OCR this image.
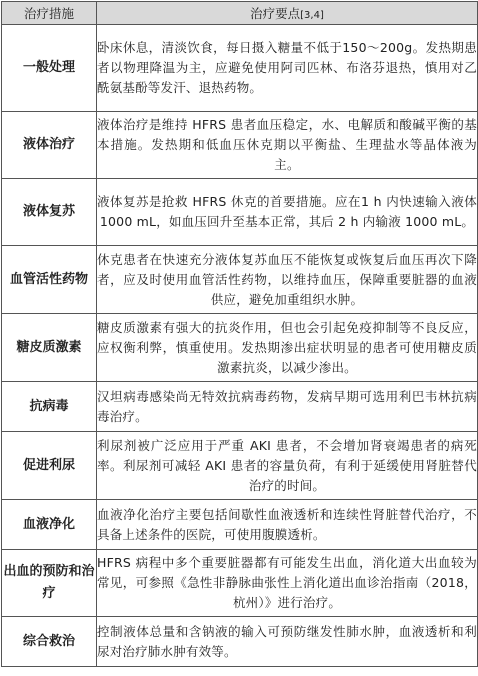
治疗措施	治疗要点[3,4]
一般处理	卧床休息，清淡饮食，每日摄入糖量不低于150～200g。发热期患者以物理降温为主，应避免使用阿司匹林、布洛芬退热，慎用对乙酰氨基酚等发汗、退热药物。
液体治疗	液体治疗是维持 HFRS 患者血压稳定，水、电解质和酸碱平衡的基本措施。发热期和低血压休克期以平衡盐、生理盐水等晶体液为主。
液体复苏	液体复苏是抢救 HFRS 休克的首要措施。应在1 h 内快速输入液体 1000 mL，如血压回升至基本正常，其后 2 h 内输液 1000 mL。
血管活性药物	休克患者在快速充分液体复苏血压不能恢复或恢复后血压再次下降者，应及时使用血管活性药物，以维持血压，保障重要脏器的血液供应，避免加重组织水肿。
糖皮质激素	糖皮质激素有强大的抗炎作用，但也会引起免疫抑制等不良反应，应权衡利弊，慎重使用。发热期渗出症状明显的患者可使用糖皮质激素抗炎，以减少渗出。
抗病毒	汉坦病毒感染尚无特效抗病毒药物，发病早期可选用利巴韦林抗病毒治疗。
促进利尿	利尿剂被广泛应用于严重 AKI 患者，不会增加肾衰竭患者的病死率。利尿剂可减轻 AKI 患者的容量负荷，有利于延缓使用肾脏替代治疗的时间。
血液净化	血液净化治疗主要包括间歇性血液透析和连续性肾脏替代治疗，不具备上述条件的医院，可使用腹膜透析。
出血的预防和治疗	HFRS 病程中多个重要脏器都有可能发生出血，消化道大出血较为常见，可参照《急性非静脉曲张性上消化道出血诊治指南（2018，杭州）》进行治疗。
综合救治	控制液体总量和含钠液的输入可预防继发性肺水肿，血液透析和利尿对治疗肺水肿有效等。
